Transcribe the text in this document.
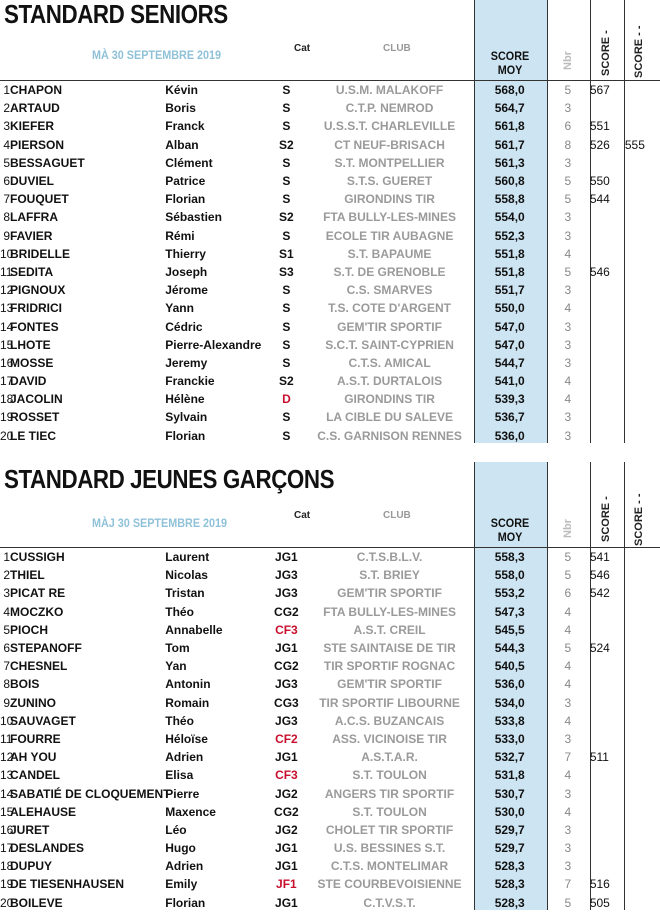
STANDARD SENIORS
MÀ 30 SEPTEMBRE 2019	Cat	CLUB
SCORE MOY	Nbr SCORE - SCORE - -
1	CHAPON	Kévin	S	U.S.M. MALAKOFF	568,0	5	567	
2	ARTAUD	Boris	S	C.T.P. NEMROD	564,7	3		
3	KIEFER	Franck	S	U.S.S.T. CHARLEVILLE	561,8	6	551	
4	PIERSON	Alban	S2	CT NEUF-BRISACH	561,7	8	526	555
5	BESSAGUET	Clément	S	S.T. MONTPELLIER	561,3	3		
6	DUVIEL	Patrice	S	S.T.S. GUERET	560,8	5	550	
7	FOUQUET	Florian	S	GIRONDINS TIR	558,8	5	544	
8	LAFFRA	Sébastien	S2	FTA BULLY-LES-MINES	554,0	3		
9	FAVIER	Rémi	S	ECOLE TIR AUBAGNE	552,3	3		
10	BRIDELLE	Thierry	S1	S.T. BAPAUME	551,8	4		
11	SEDITA	Joseph	S3	S.T. DE GRENOBLE	551,8	5	546	
12	PIGNOUX	Jérome	S	C.S. SMARVES	551,7	3		
13	FRIDRICI	Yann	S	T.S. COTE D'ARGENT	550,0	4		
14	FONTES	Cédric	S	GEM'TIR SPORTIF	547,0	3		
15	LHOTE	Pierre-Alexandre	S	S.C.T. SAINT-CYPRIEN	547,0	3		
16	MOSSE	Jeremy	S	C.T.S. AMICAL	544,7	3		
17	DAVID	Franckie	S2	A.S.T. DURTALOIS	541,0	4		
18	JACOLIN	Hélène	D	GIRONDINS TIR	539,3	4		
19	ROSSET	Sylvain	S	LA CIBLE DU SALEVE	536,7	3		
20	LE TIEC	Florian	S	C.S. GARNISON RENNES	536,0	3		
STANDARD JEUNES GARÇONS
MÀJ 30 SEPTEMBRE 2019
Cat	CLUB
SCORE MOY	Nbr SCORE - SCORE - -
1	CUSSIGH	Laurent	JG1	C.T.S.B.L.V.	558,3	5	541	
2	THIEL	Nicolas	JG3	S.T. BRIEY	558,0	5	546	
3	PICAT RE	Tristan	JG3	GEM'TIR SPORTIF	553,2	6	542	
4	MOCZKO	Théo	CG2	FTA BULLY-LES-MINES	547,3	4		
5	PIOCH	Annabelle	CF3	A.S.T. CREIL	545,5	4		
6	STEPANOFF	Tom	JG1	STE SAINTAISE DE TIR	544,3	5	524	
7	CHESNEL	Yan	CG2	TIR SPORTIF ROGNAC	540,5	4		
8	BOIS	Antonin	JG3	GEM'TIR SPORTIF	536,0	4		
9	ZUNINO	Romain	CG3	TIR SPORTIF LIBOURNE	534,0	3		
10	SAUVAGET	Théo	JG3	A.C.S. BUZANCAIS	533,8	4		
11	FOURRE	Héloïse	CF2	ASS. VICINOISE TIR	533,0	3		
12	AH YOU	Adrien	JG1	A.S.T.A.R.	532,7	7	511	
13	CANDEL	Elisa	CF3	S.T. TOULON	531,8	4		
14	SABATIÉ DE CLOQUEMENT	Pierre	JG2	ANGERS TIR SPORTIF	530,7	3		
15	ALEHAUSE	Maxence	CG2	S.T. TOULON	530,0	4		
16	JURET	Léo	JG2	CHOLET TIR SPORTIF	529,7	3		
17	DESLANDES	Hugo	JG1	U.S. BESSINES S.T.	529,7	3		
18	DUPUY	Adrien	JG1	C.T.S. MONTELIMAR	528,3	3		
19	DE TIESENHAUSEN	Emily	JF1	STE COURBEVOISIENNE	528,3	7	516	
20	BOILEVE	Florian	JG1	C.T.V.S.T.	528,3	5	505	
